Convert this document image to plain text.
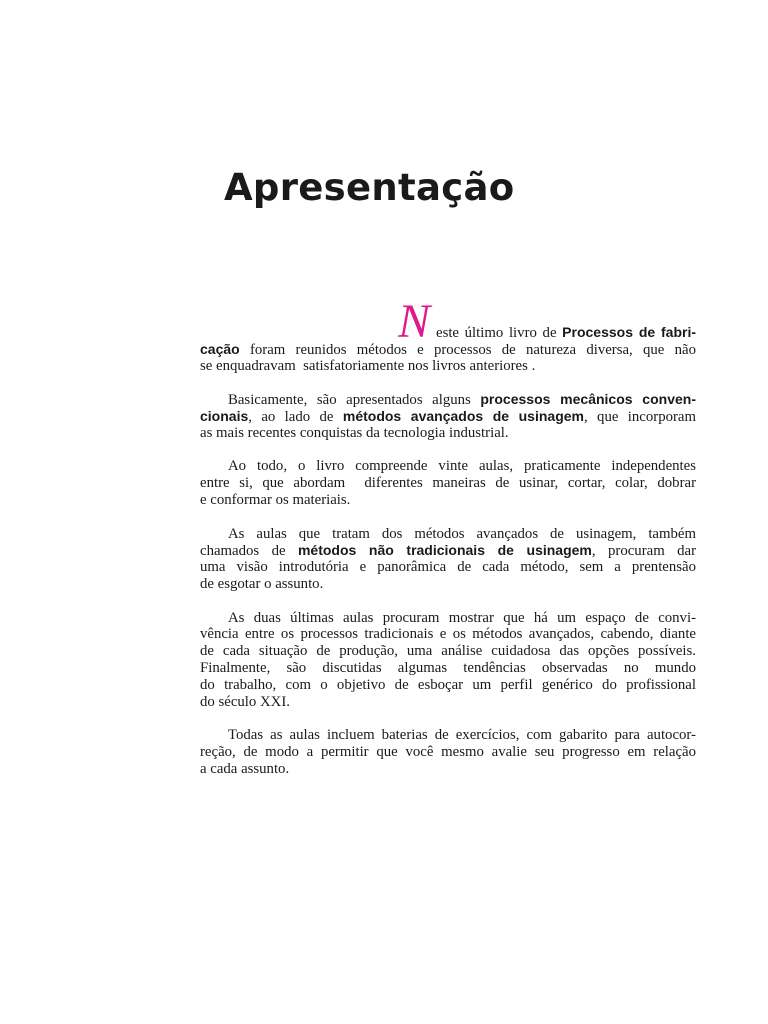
Apresentação
N este último livro de Processos de fabri-
cação foram reunidos métodos e processos de natureza diversa, que não
se enquadravam  satisfatoriamente nos livros anteriores .
Basicamente, são apresentados alguns processos mecânicos conven-
cionais, ao lado de métodos avançados de usinagem, que incorporam
as mais recentes conquistas da tecnologia industrial.
Ao todo, o livro compreende vinte aulas, praticamente independentes
entre si, que abordam  diferentes maneiras de usinar, cortar, colar, dobrar
e conformar os materiais.
As aulas que tratam dos métodos avançados de usinagem, também
chamados de métodos não tradicionais de usinagem, procuram dar
uma visão introdutória e panorâmica de cada método, sem a prentensão
de esgotar o assunto.
As duas últimas aulas procuram mostrar que há um espaço de convi-
vência entre os processos tradicionais e os métodos avançados, cabendo, diante
de cada situação de produção, uma análise cuidadosa das opções possíveis.
Finalmente, são discutidas algumas tendências observadas no mundo
do trabalho, com o objetivo de esboçar um perfil genérico do profissional
do século XXI.
Todas as aulas incluem baterias de exercícios, com gabarito para autocor-
reção, de modo a permitir que você mesmo avalie seu progresso em relação
a cada assunto.
